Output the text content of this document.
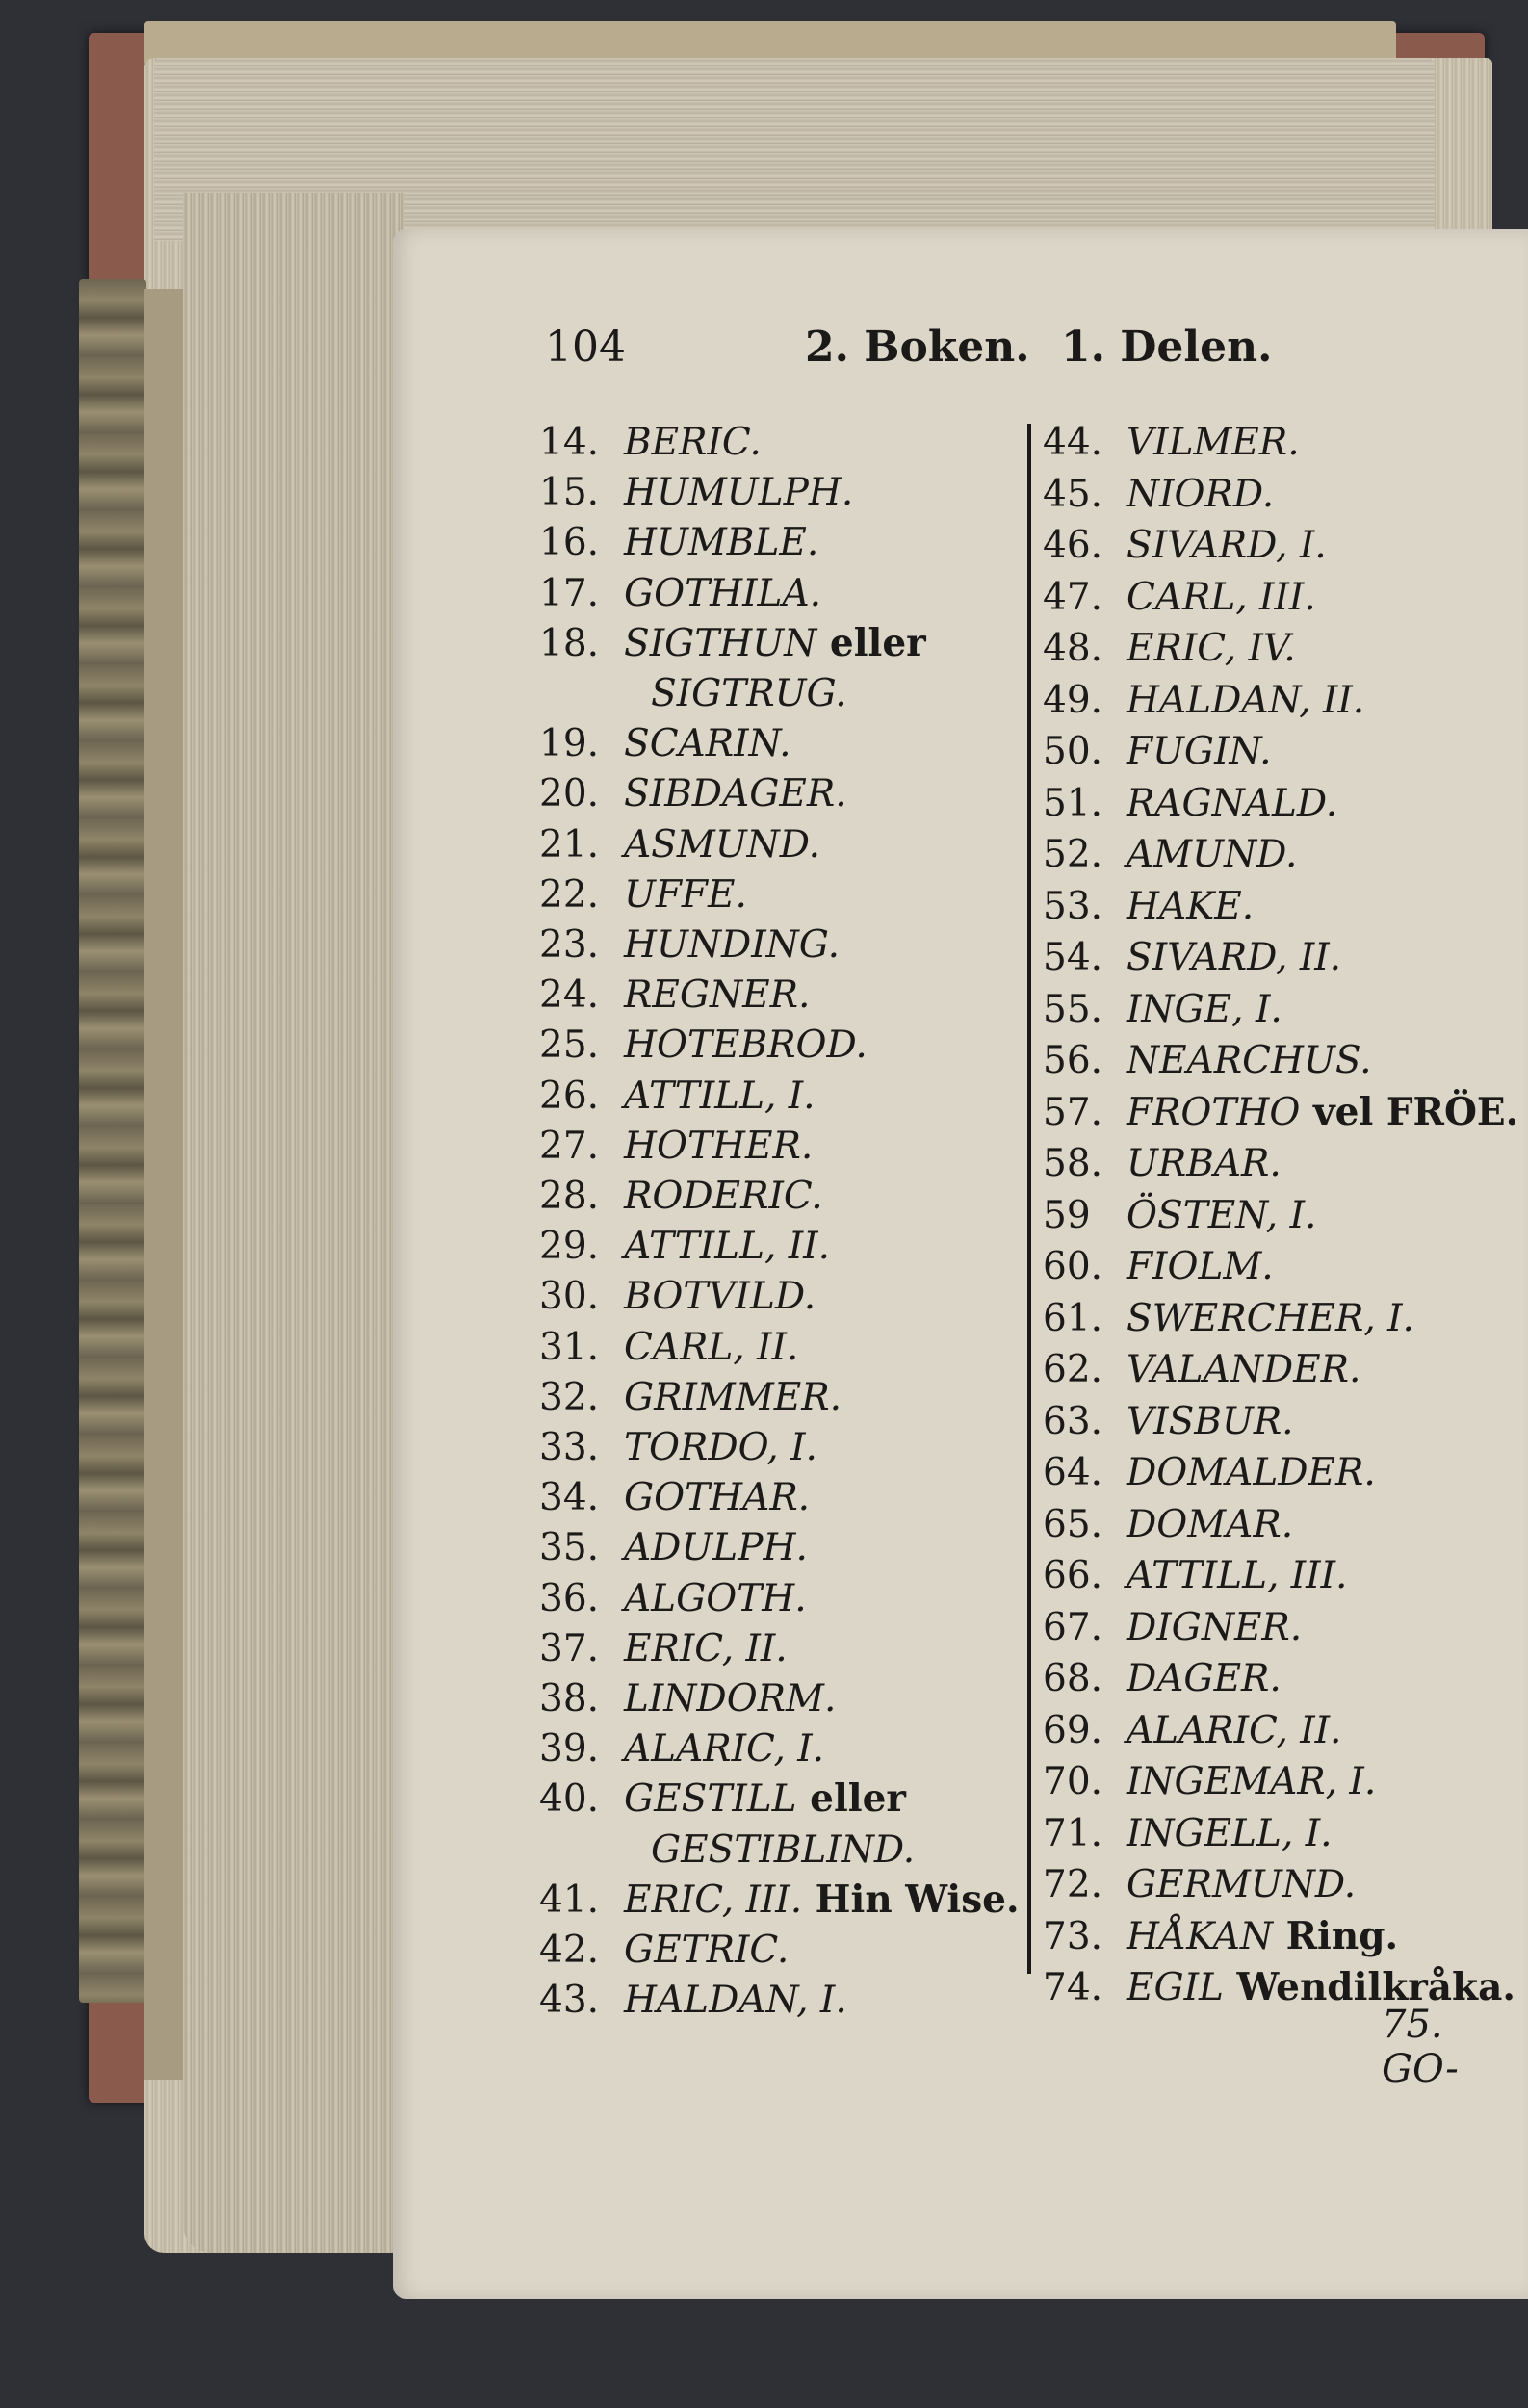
104	2. Boken. 1. Delen.
14. BERIC.
15. HUMULPH.
16. HUMBLE.
17. GOTHILA.
18. SIGTHUN eller
SIGTRUG.
19. SCARIN.
20. SIBDAGER.
21. ASMUND.
22. UFFE.
23. HUNDING.
24. REGNER.
25. HOTEBROD.
26. ATTILL, I.
27. HOTHER.
28. RODERIC.
29. ATTILL, II.
30. BOTVILD.
31. CARL, II.
32. GRIMMER.
33. TORDO, I.
34. GOTHAR.
35. ADULPH.
36. ALGOTH.
37. ERIC, II.
38. LINDORM.
39. ALARIC, I.
40. GESTILL eller
GESTIBLIND.
41. ERIC, III. Hin Wise.
42. GETRIC.
43. HALDAN, I.
44. VILMER.
45. NIORD.
46. SIVARD, I.
47. CARL, III.
48. ERIC, IV.
49. HALDAN, II.
50. FUGIN.
51. RAGNALD.
52. AMUND.
53. HAKE.
54. SIVARD, II.
55. INGE, I.
56. NEARCHUS.
57. FROTHO vel FRÖE.
58. URBAR.
59 ÖSTEN, I.
60. FIOLM.
61. SWERCHER, I.
62. VALANDER.
63. VISBUR.
64. DOMALDER.
65. DOMAR.
66. ATTILL, III.
67. DIGNER.
68. DAGER.
69. ALARIC, II.
70. INGEMAR, I.
71. INGELL, I.
72. GERMUND.
73. HÅKAN Ring.
74. EGIL Wendilkråka.
75. GO-
